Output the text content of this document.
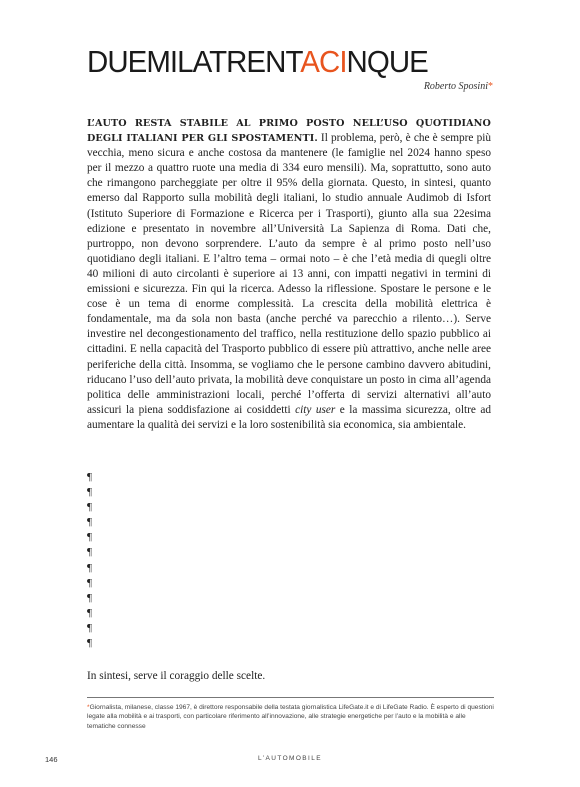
DUEMILATRENTACINQUE
Roberto Sposini*
L’AUTO RESTA STABILE AL PRIMO POSTO NELL’USO QUOTIDIANO DEGLI ITALIANI PER GLI SPOSTAMENTI. Il problema, però, è che è sempre più vecchia, meno sicura e anche costosa da mantenere (le famiglie nel 2024 hanno speso per il mezzo a quattro ruote una media di 334 euro mensili). Ma, soprattutto, sono auto che rimangono parcheggiate per oltre il 95% della giornata. Questo, in sintesi, quanto emerso dal Rapporto sulla mobilità degli italiani, lo studio annuale Audimob di Isfort (Istituto Superiore di Formazione e Ricerca per i Trasporti), giunto alla sua 22esima edizione e presentato in novembre all’Università La Sapienza di Roma. Dati che, purtroppo, non devono sorprendere. L’auto da sempre è al primo posto nell’uso quotidiano degli italiani. E l’altro tema – ormai noto – è che l’età media di quegli oltre 40 milioni di auto circolanti è superiore ai 13 anni, con impatti negativi in termini di emissioni e sicurezza. Fin qui la ricerca. Adesso la riflessione. Spostare le persone e le cose è un tema di enorme complessità. La crescita della mobilità elettrica è fondamentale, ma da sola non basta (anche perché va parecchio a rilento…). Serve investire nel decongestionamento del traffico, nella restituzione dello spazio pubblico ai cittadini. E nella capacità del Trasporto pubblico di essere più attrattivo, anche nelle aree periferiche della città. Insomma, se vogliamo che le persone cambino davvero abitudini, riducano l’uso dell’auto privata, la mobilità deve conquistare un posto in cima all’agenda politica delle amministrazioni locali, perché l’offerta di servizi alternativi all’auto assicuri la piena soddisfazione ai cosiddetti city user e la massima sicurezza, oltre ad aumentare la qualità dei servizi e la loro sostenibilità sia economica, sia ambientale.
¶
¶
¶
¶
¶
¶
¶
¶
¶
¶
¶
¶
In sintesi, serve il coraggio delle scelte.
*Giornalista, milanese, classe 1967, è direttore responsabile della testata giornalistica LifeGate.it e di LifeGate Radio. È esperto di questioni legate alla mobilità e ai trasporti, con particolare riferimento all’innovazione, alle strategie energetiche per l’auto e la mobilità e alle tematiche connesse
146	L’AUTOMOBILE
